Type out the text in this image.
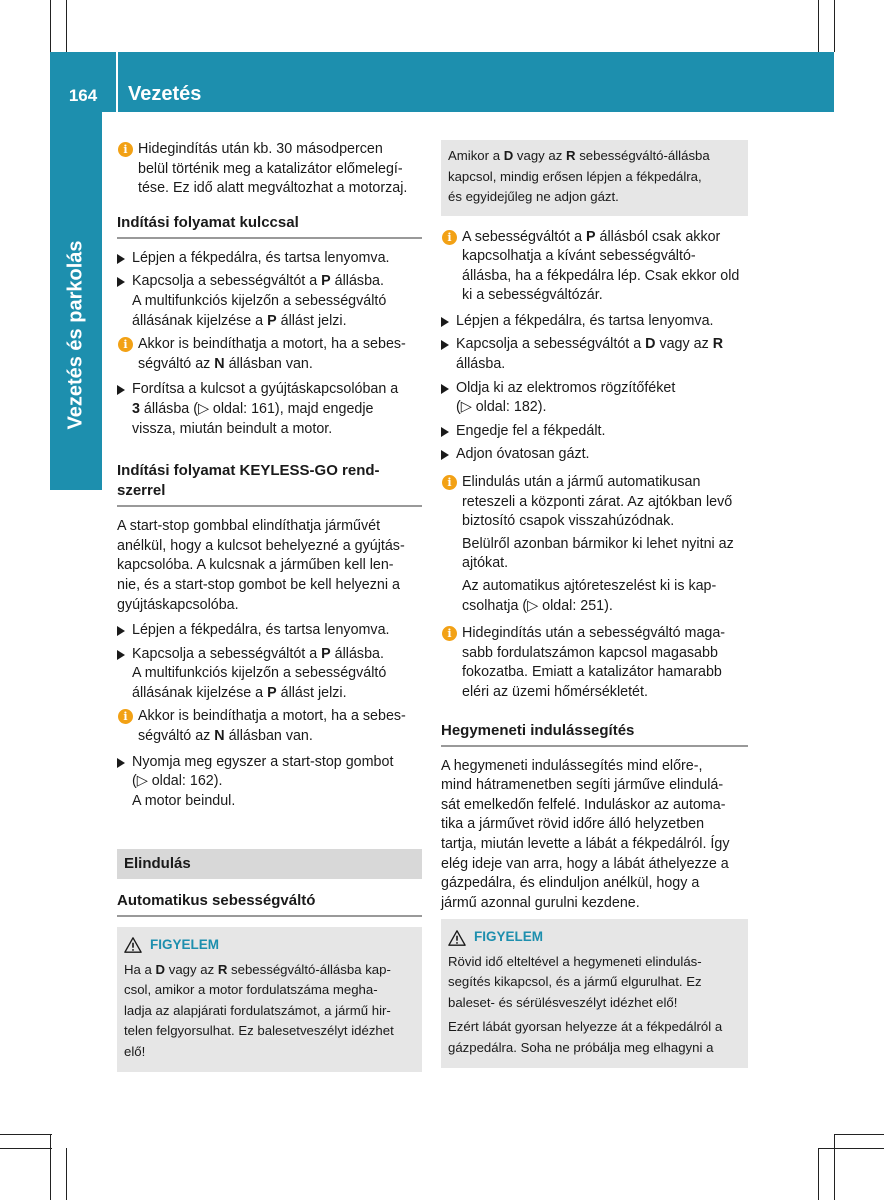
164	Vezetés
Vezetés és parkolás
i Hidegindítás után kb. 30 másodpercen
belül történik meg a katalizátor előmelegí-
tése. Ez idő alatt megváltozhat a motorzaj.
Indítási folyamat kulccsal
Lépjen a fékpedálra, és tartsa lenyomva.
Kapcsolja a sebességváltót a P állásba.
A multifunkciós kijelzőn a sebességváltó
állásának kijelzése a P állást jelzi.
i Akkor is beindíthatja a motort, ha a sebes-
ségváltó az N állásban van.
Fordítsa a kulcsot a gyújtáskapcsolóban a
3 állásba (▷ oldal: 161), majd engedje
vissza, miután beindult a motor.
Indítási folyamat KEYLESS-GO rend-
szerrel
A start-stop gombbal elindíthatja járművét
anélkül, hogy a kulcsot behelyezné a gyújtás-
kapcsolóba. A kulcsnak a járműben kell len-
nie, és a start-stop gombot be kell helyezni a
gyújtáskapcsolóba.
Lépjen a fékpedálra, és tartsa lenyomva.
Kapcsolja a sebességváltót a P állásba.
A multifunkciós kijelzőn a sebességváltó
állásának kijelzése a P állást jelzi.
i Akkor is beindíthatja a motort, ha a sebes-
ségváltó az N állásban van.
Nyomja meg egyszer a start-stop gombot
(▷ oldal: 162).
A motor beindul.
Elindulás
Automatikus sebességváltó
FIGYELEM
Ha a D vagy az R sebességváltó-állásba kap-
csol, amikor a motor fordulatszáma megha-
ladja az alapjárati fordulatszámot, a jármű hir-
telen felgyorsulhat. Ez balesetveszélyt idézhet
elő!
Amikor a D vagy az R sebességváltó-állásba
kapcsol, mindig erősen lépjen a fékpedálra,
és egyidejűleg ne adjon gázt.
i A sebességváltót a P állásból csak akkor
kapcsolhatja a kívánt sebességváltó-
állásba, ha a fékpedálra lép. Csak ekkor old
ki a sebességváltózár.
Lépjen a fékpedálra, és tartsa lenyomva.
Kapcsolja a sebességváltót a D vagy az R
állásba.
Oldja ki az elektromos rögzítőféket
(▷ oldal: 182).
Engedje fel a fékpedált.
Adjon óvatosan gázt.
i Elindulás után a jármű automatikusan
reteszeli a központi zárat. Az ajtókban levő
biztosító csapok visszahúzódnak.
Belülről azonban bármikor ki lehet nyitni az
ajtókat.
Az automatikus ajtóreteszelést ki is kap-
csolhatja (▷ oldal: 251).
i Hidegindítás után a sebességváltó maga-
sabb fordulatszámon kapcsol magasabb
fokozatba. Emiatt a katalizátor hamarabb
eléri az üzemi hőmérsékletét.
Hegymeneti indulássegítés
A hegymeneti indulássegítés mind előre-,
mind hátramenetben segíti járműve elindulá-
sát emelkedőn felfelé. Induláskor az automa-
tika a járművet rövid időre álló helyzetben
tartja, miután levette a lábát a fékpedálról. Így
elég ideje van arra, hogy a lábát áthelyezze a
gázpedálra, és elinduljon anélkül, hogy a
jármű azonnal gurulni kezdene.
FIGYELEM
Rövid idő elteltével a hegymeneti elindulás-
segítés kikapcsol, és a jármű elgurulhat. Ez
baleset- és sérülésveszélyt idézhet elő!
Ezért lábát gyorsan helyezze át a fékpedálról a
gázpedálra. Soha ne próbálja meg elhagyni a
